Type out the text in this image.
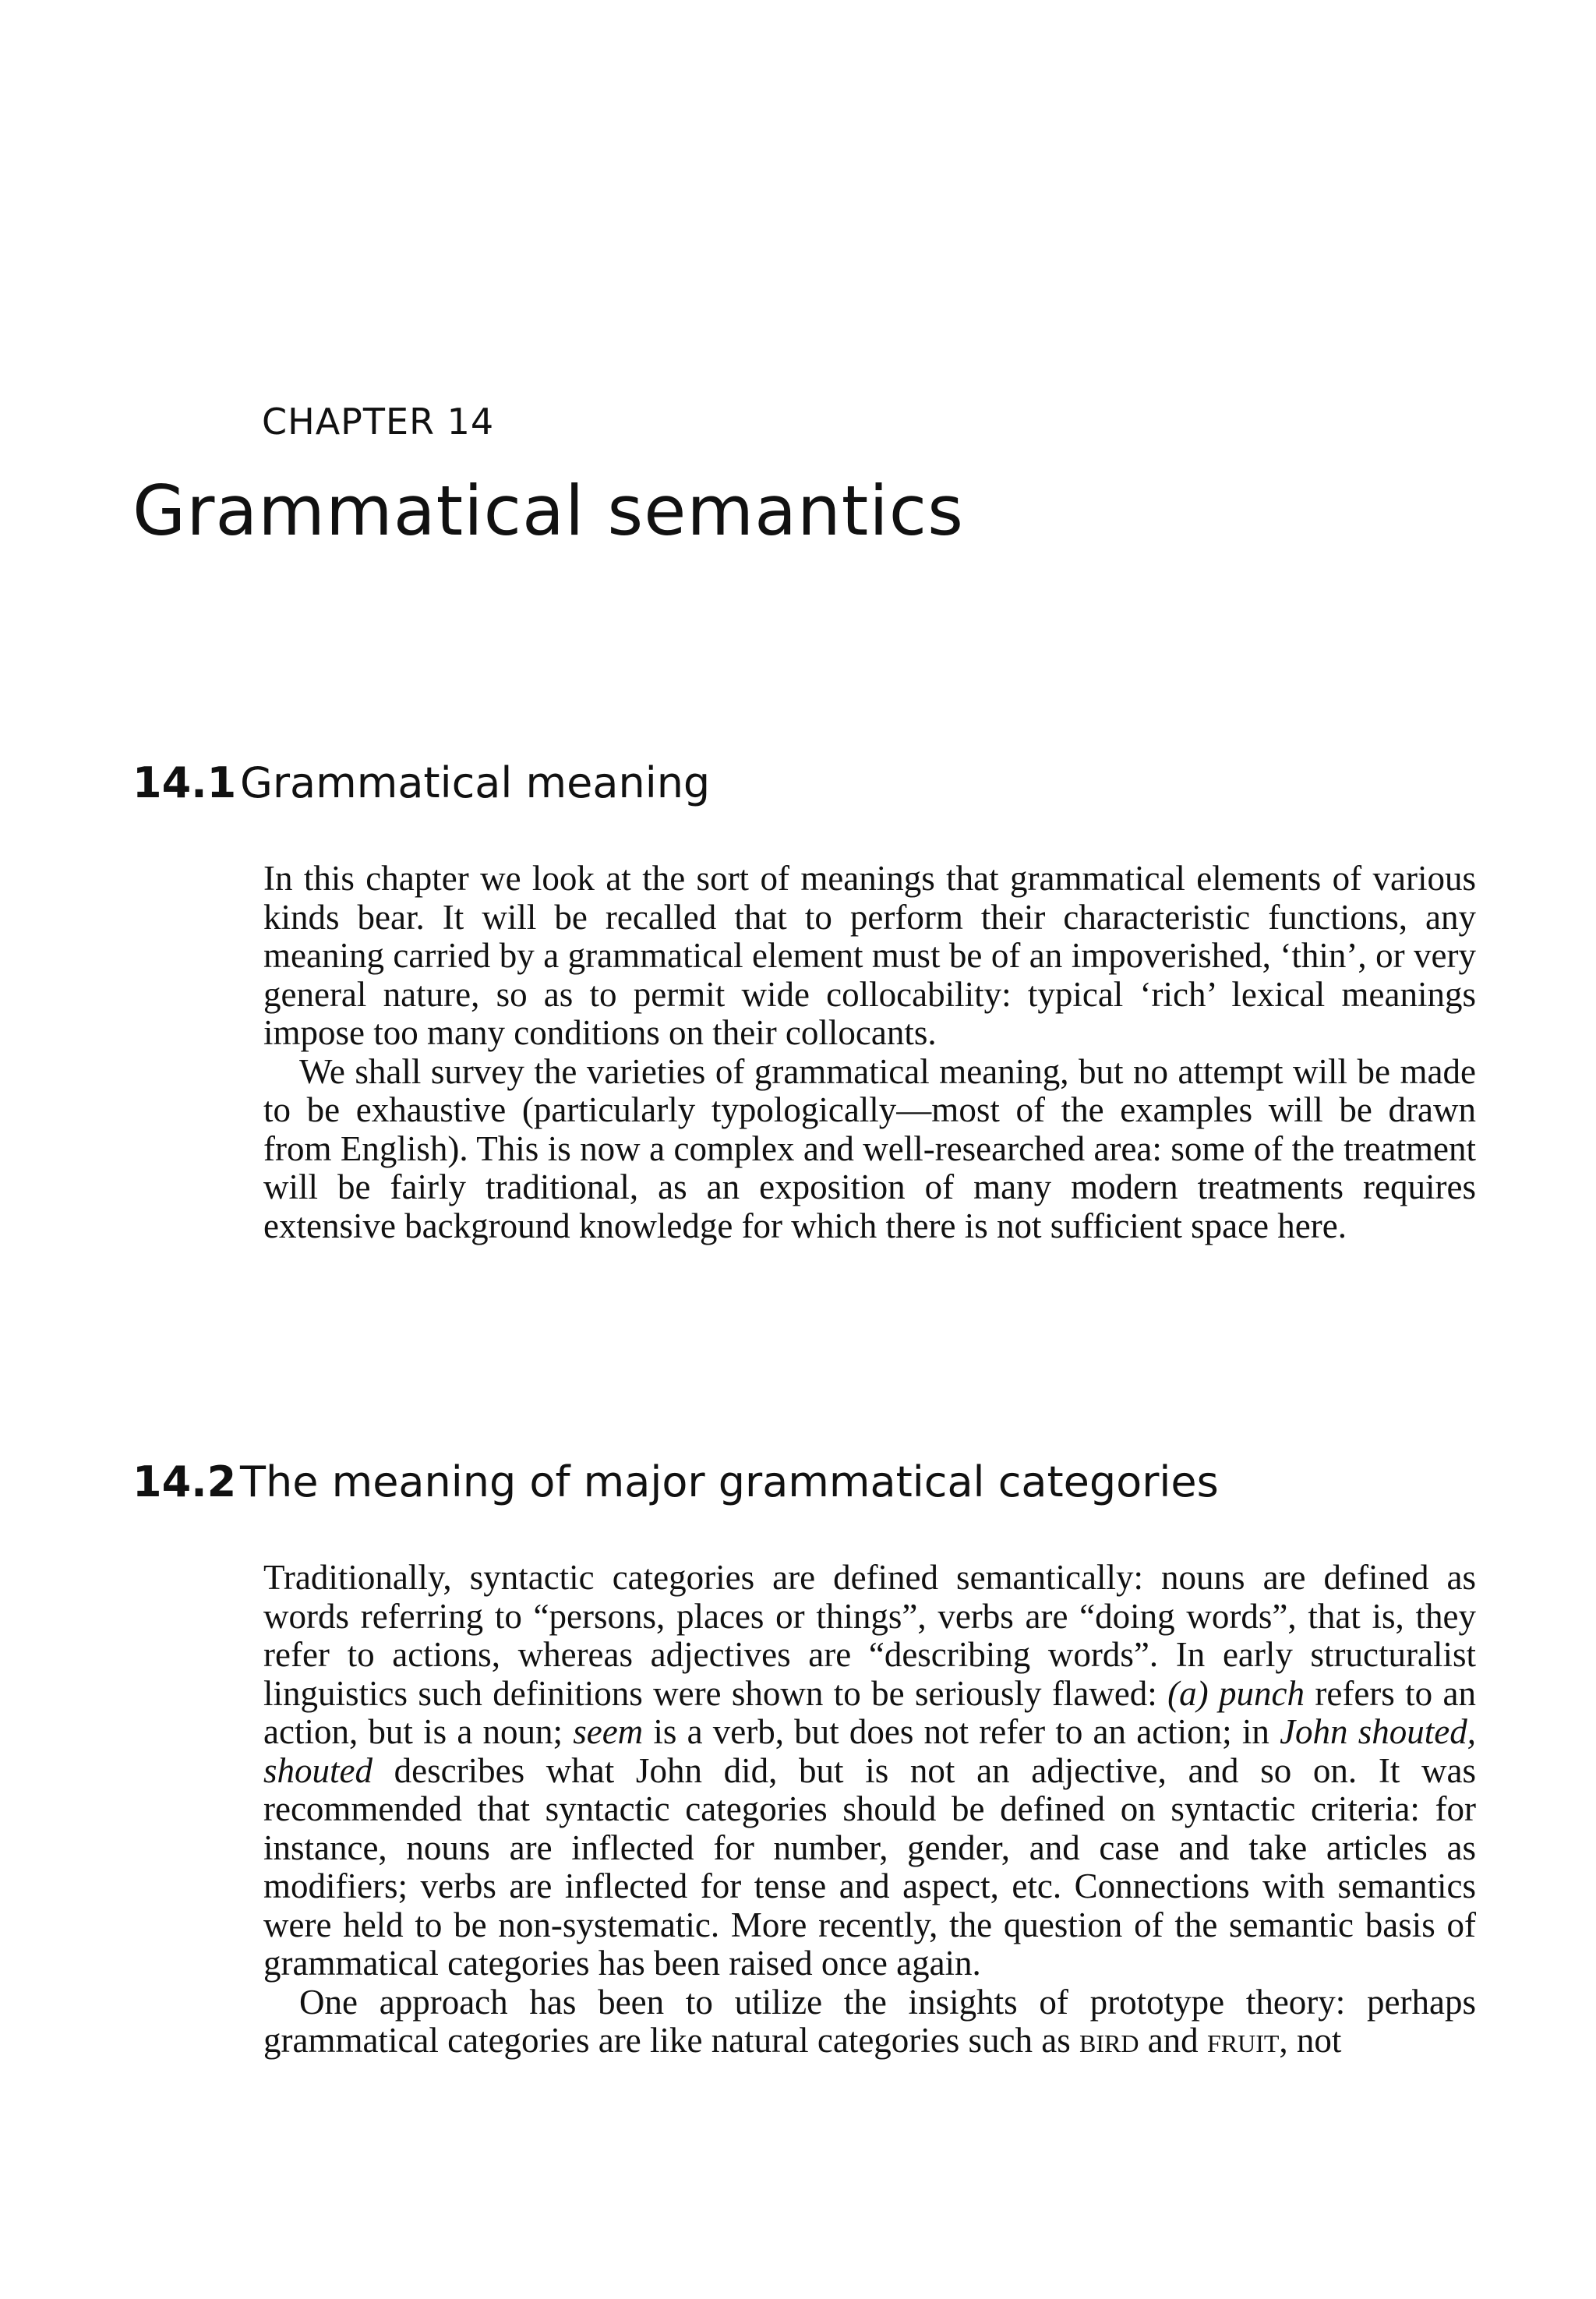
CHAPTER 14
Grammatical semantics
14.1Grammatical meaning

In this chapter we look at the sort of meanings that grammatical elements of various kinds bear. It will be recalled that to perform their characteristic functions, any meaning carried by a grammatical element must be of an impoverished, ‘thin’, or very general nature, so as to permit wide collocability: typical ‘rich’ lexical meanings impose too many conditions on their collocants.

We shall survey the varieties of grammatical meaning, but no attempt will be made to be exhaustive (particularly typologically—most of the examples will be drawn from English). This is now a complex and well-researched area: some of the treatment will be fairly traditional, as an exposition of many modern treatments requires extensive background knowledge for which there is not sufficient space here.

14.2The meaning of major grammatical categories

Traditionally, syntactic categories are defined semantically: nouns are defined as words referring to “persons, places or things”, verbs are “doing words”, that is, they refer to actions, whereas adjectives are “describing words”. In early structuralist linguistics such definitions were shown to be seriously flawed: (a) punch refers to an action, but is a noun; seem is a verb, but does not refer to an action; in John shouted, shouted describes what John did, but is not an adjective, and so on. It was recommended that syntactic categories should be defined on syntactic criteria: for instance, nouns are inflected for number, gender, and case and take articles as modifiers; verbs are inflected for tense and aspect, etc. Connections with semantics were held to be non-systematic. More recently, the question of the semantic basis of grammatical categories has been raised once again.

One approach has been to utilize the insights of prototype theory: perhaps grammatical categories are like natural categories such as bird and fruit, not
